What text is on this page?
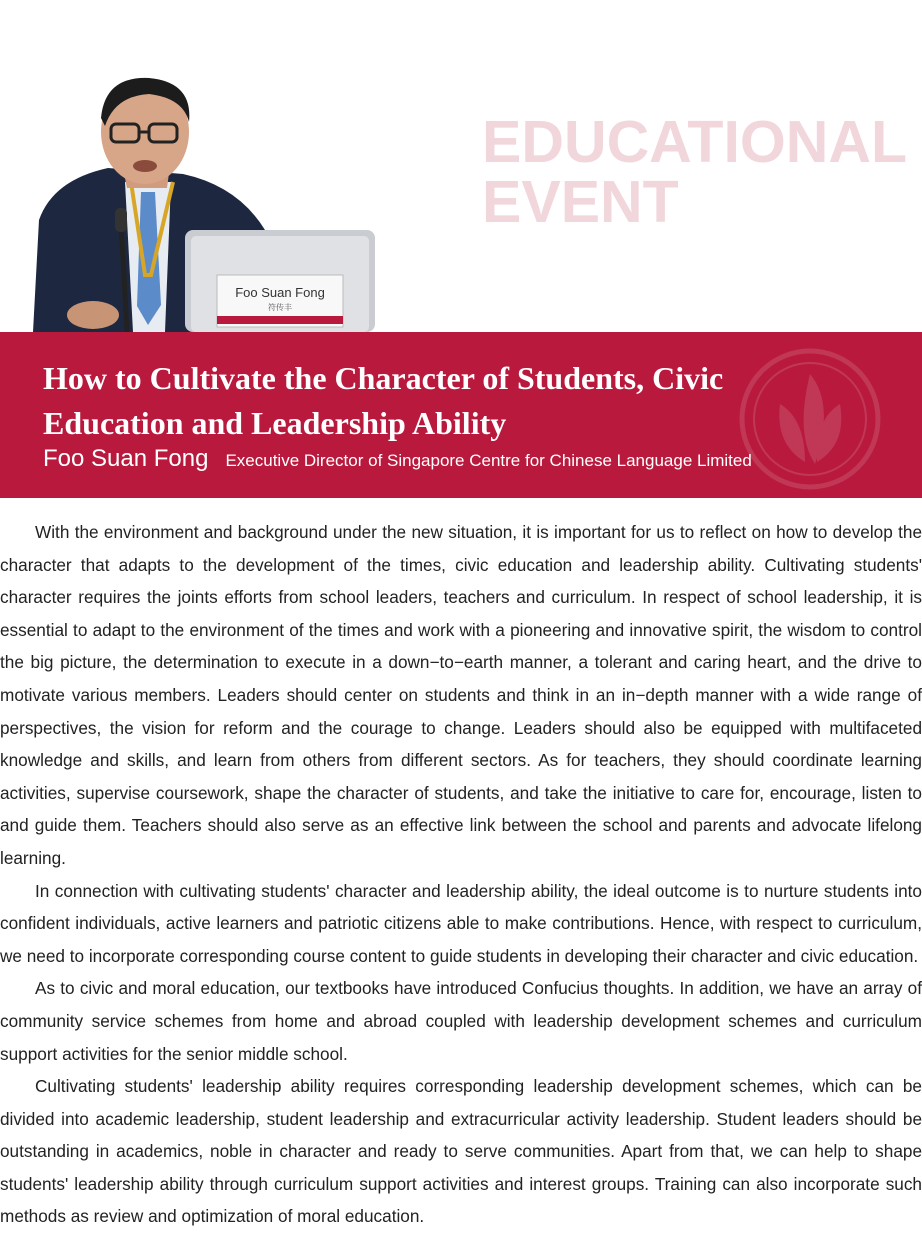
Foo Suan Fong
符传丰
EDUCATIONAL
EVENT
How to Cultivate the Character of Students, Civic
Education and Leadership Ability
Foo Suan Fong Executive Director of Singapore Centre for Chinese Language Limited

With the environment and background under the new situation, it is important for us to reflect on how to develop the character that adapts to the development of the times, civic education and leadership ability. Cultivating students' character requires the joints efforts from school leaders, teachers and curriculum. In respect of school leadership, it is essential to adapt to the environment of the times and work with a pioneering and innovative spirit, the wisdom to control the big picture, the determination to execute in a down−to−earth manner, a tolerant and caring heart, and the drive to motivate various members. Leaders should center on students and think in an in−depth manner with a wide range of perspectives, the vision for reform and the courage to change. Leaders should also be equipped with multifaceted knowledge and skills, and learn from others from different sectors. As for teachers, they should coordinate learning activities, supervise coursework, shape the character of students, and take the initiative to care for, encourage, listen to and guide them. Teachers should also serve as an effective link between the school and parents and advocate lifelong learning.

In connection with cultivating students' character and leadership ability, the ideal outcome is to nurture students into confident individuals, active learners and patriotic citizens able to make contributions. Hence, with respect to curriculum, we need to incorporate corresponding course content to guide students in developing their character and civic education.

As to civic and moral education, our textbooks have introduced Confucius thoughts. In addition, we have an array of community service schemes from home and abroad coupled with leadership development schemes and curriculum support activities for the senior middle school.

Cultivating students' leadership ability requires corresponding leadership development schemes, which can be divided into academic leadership, student leadership and extracurricular activity leadership. Student leaders should be outstanding in academics, noble in character and ready to serve communities. Apart from that, we can help to shape students' leadership ability through curriculum support activities and interest groups. Training can also incorporate such methods as review and optimization of moral education.
